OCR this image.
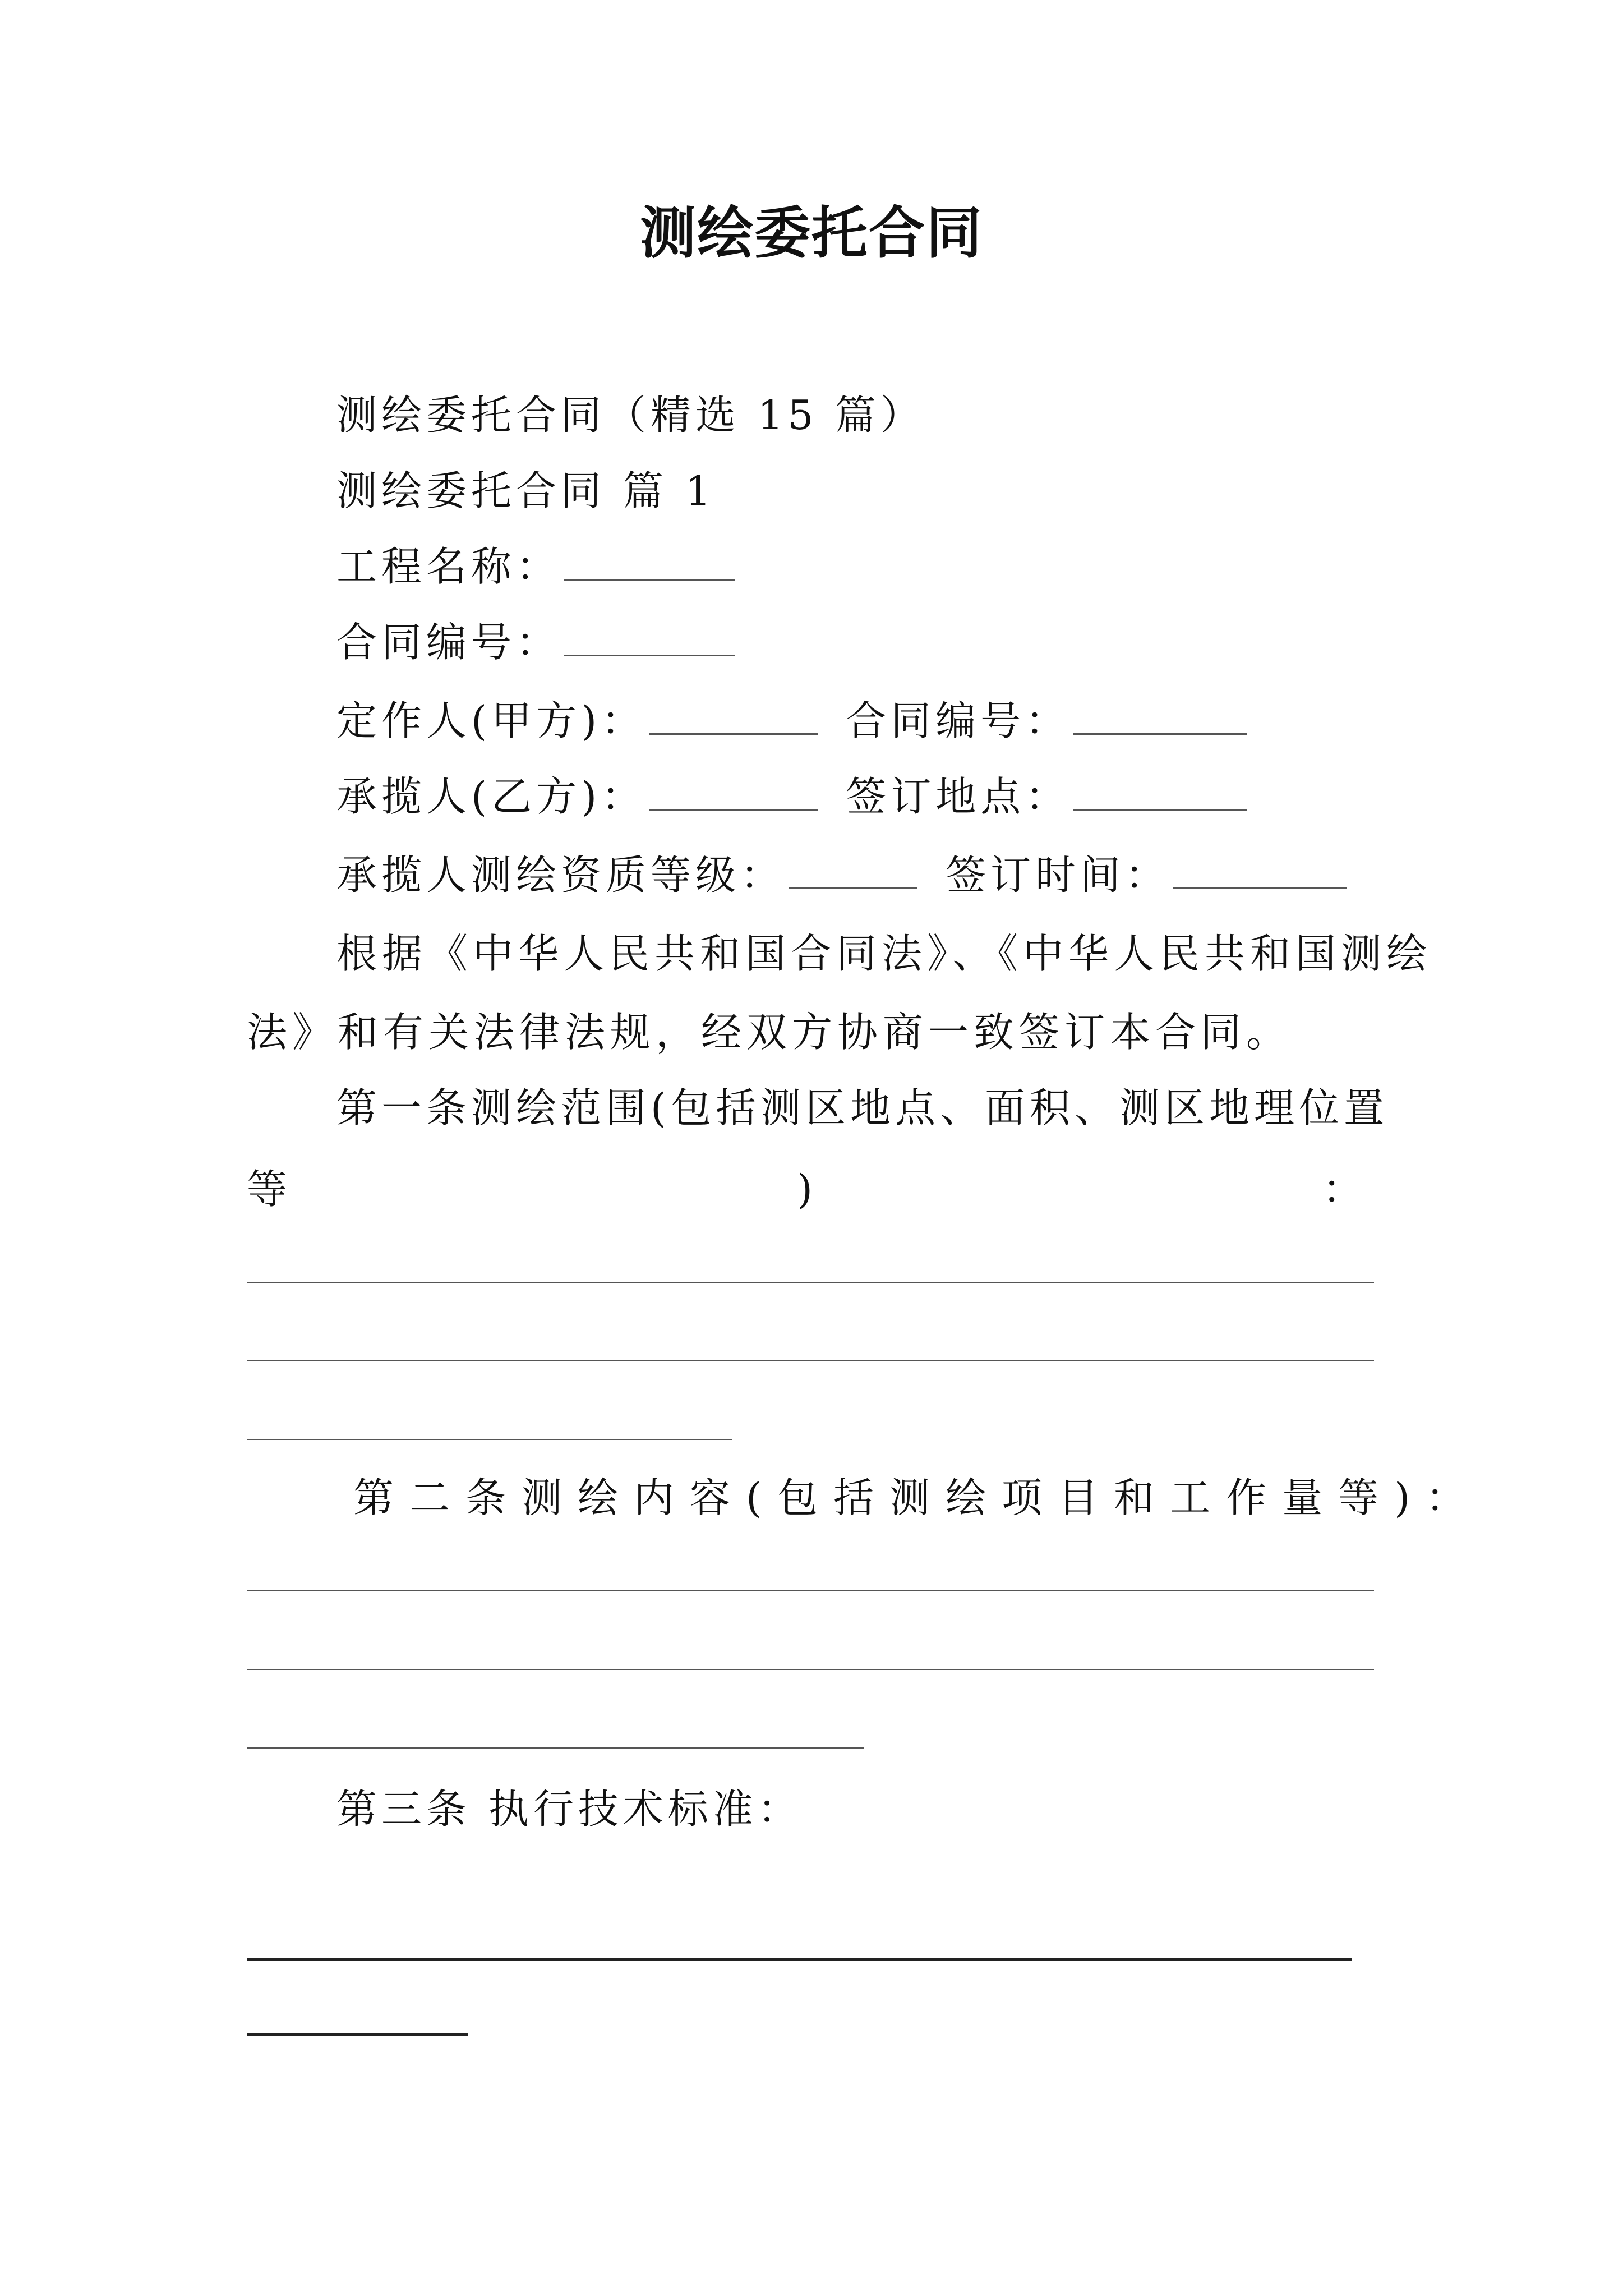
测绘委托合同
测绘委托合同（精选 15 篇）
测绘委托合同 篇 1
工程名称：
合同编号：
定作人(甲方)：	合同编号：
承揽人(乙方)：	签订地点：
承揽人测绘资质等级：	签订时间：
根据《中华人民共和国合同法》、《中华人民共和国测绘
法》和有关法律法规，经双方协商一致签订本合同。
第一条测绘范围(包括测区地点、面积、测区地理位置
等	)	：
第二条测绘内容(包括测绘项目和工作量等)：
第三条 执行技术标准：
